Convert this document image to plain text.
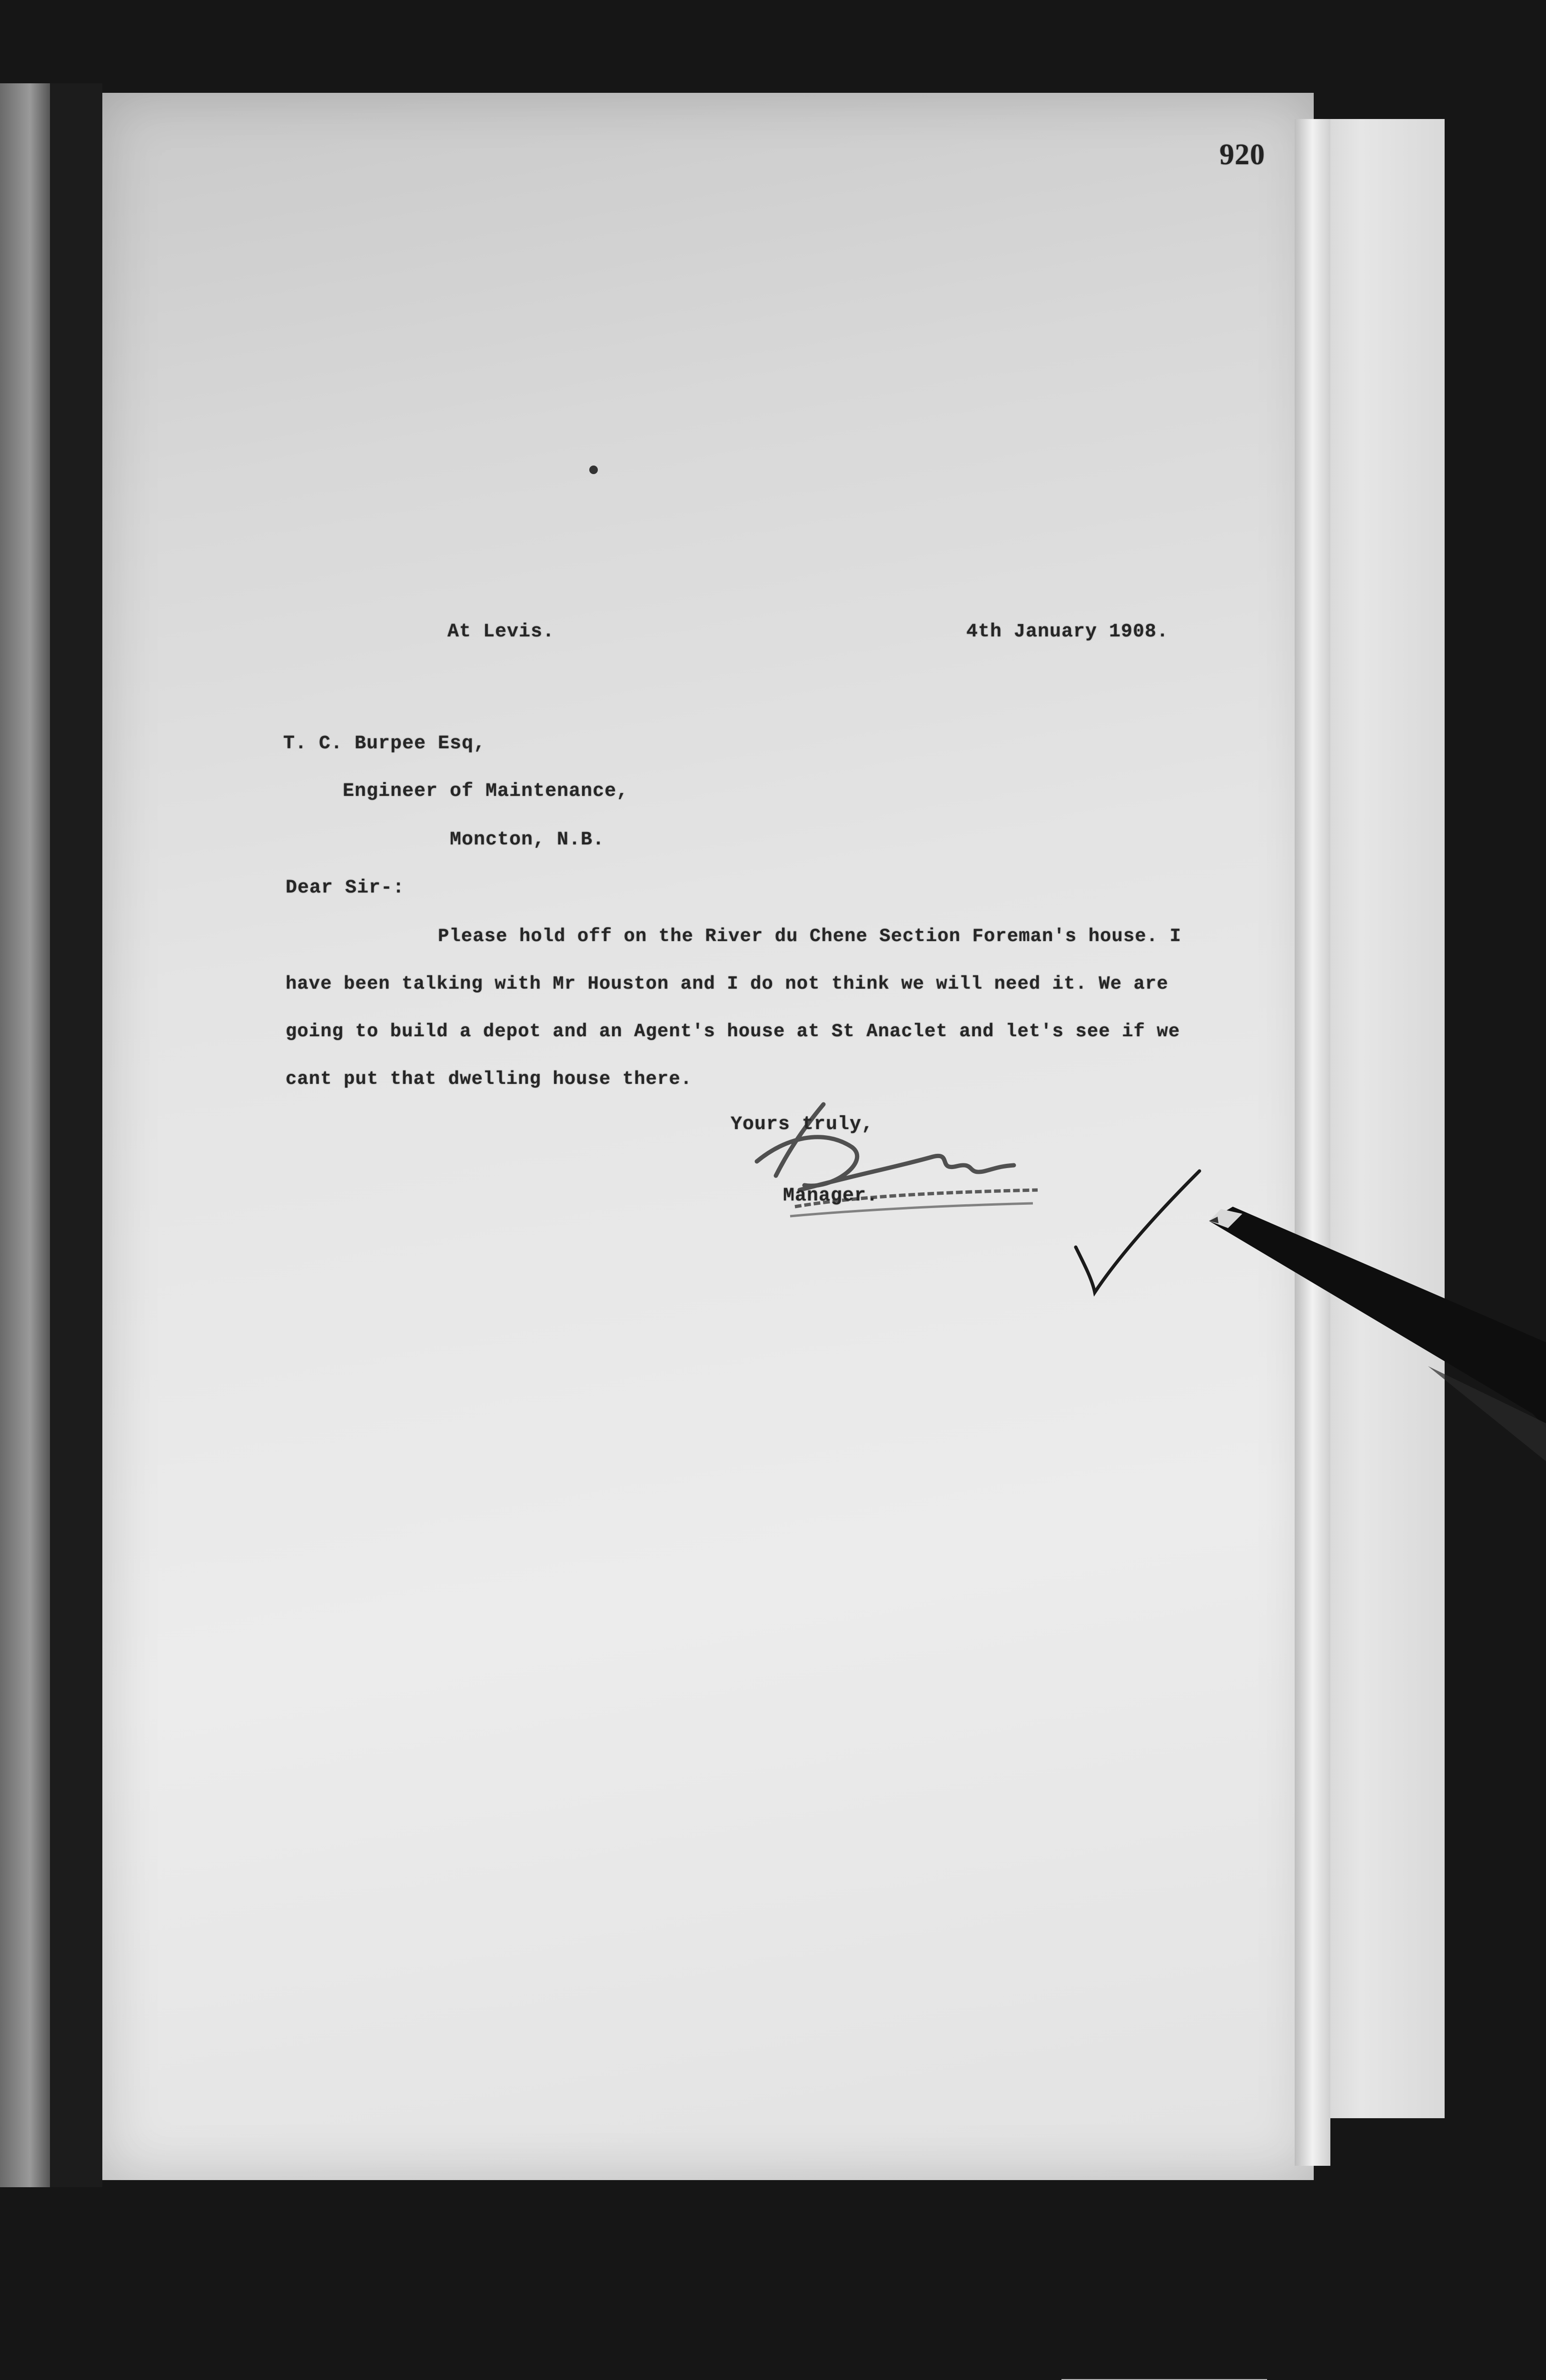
920
At Levis.	4th January 1908.
T. C. Burpee Esq,
Engineer of Maintenance,
Moncton, N.B.
Dear Sir-:
Please hold off on the River du Chene Section Foreman's house. I
have been talking with Mr Houston and I do not think we will need it. We are
going to build a depot and an Agent's house at St Anaclet and let's see if we
cant put that dwelling house there.
Yours truly,
Manager.
